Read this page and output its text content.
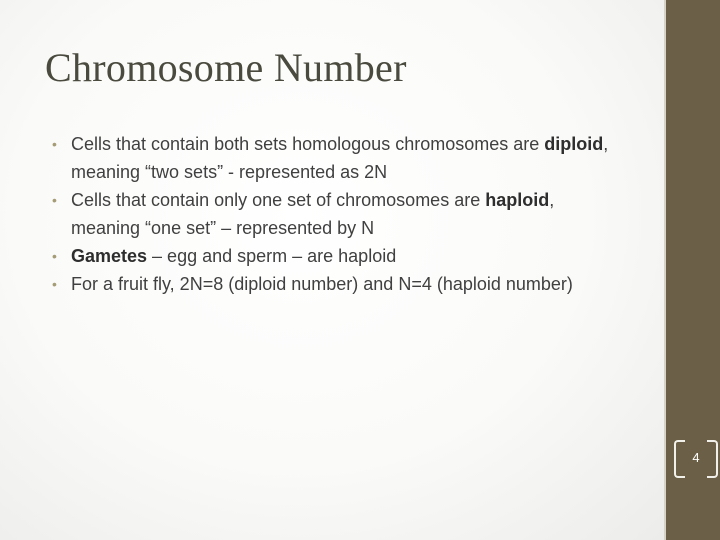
Chromosome Number
• Cells that contain both sets homologous chromosomes are diploid, meaning “two sets” - represented as 2N
• Cells that contain only one set of chromosomes are haploid, meaning “one set” – represented by N
• Gametes – egg and sperm – are haploid
• For a fruit fly, 2N=8 (diploid number) and N=4 (haploid number)
4
